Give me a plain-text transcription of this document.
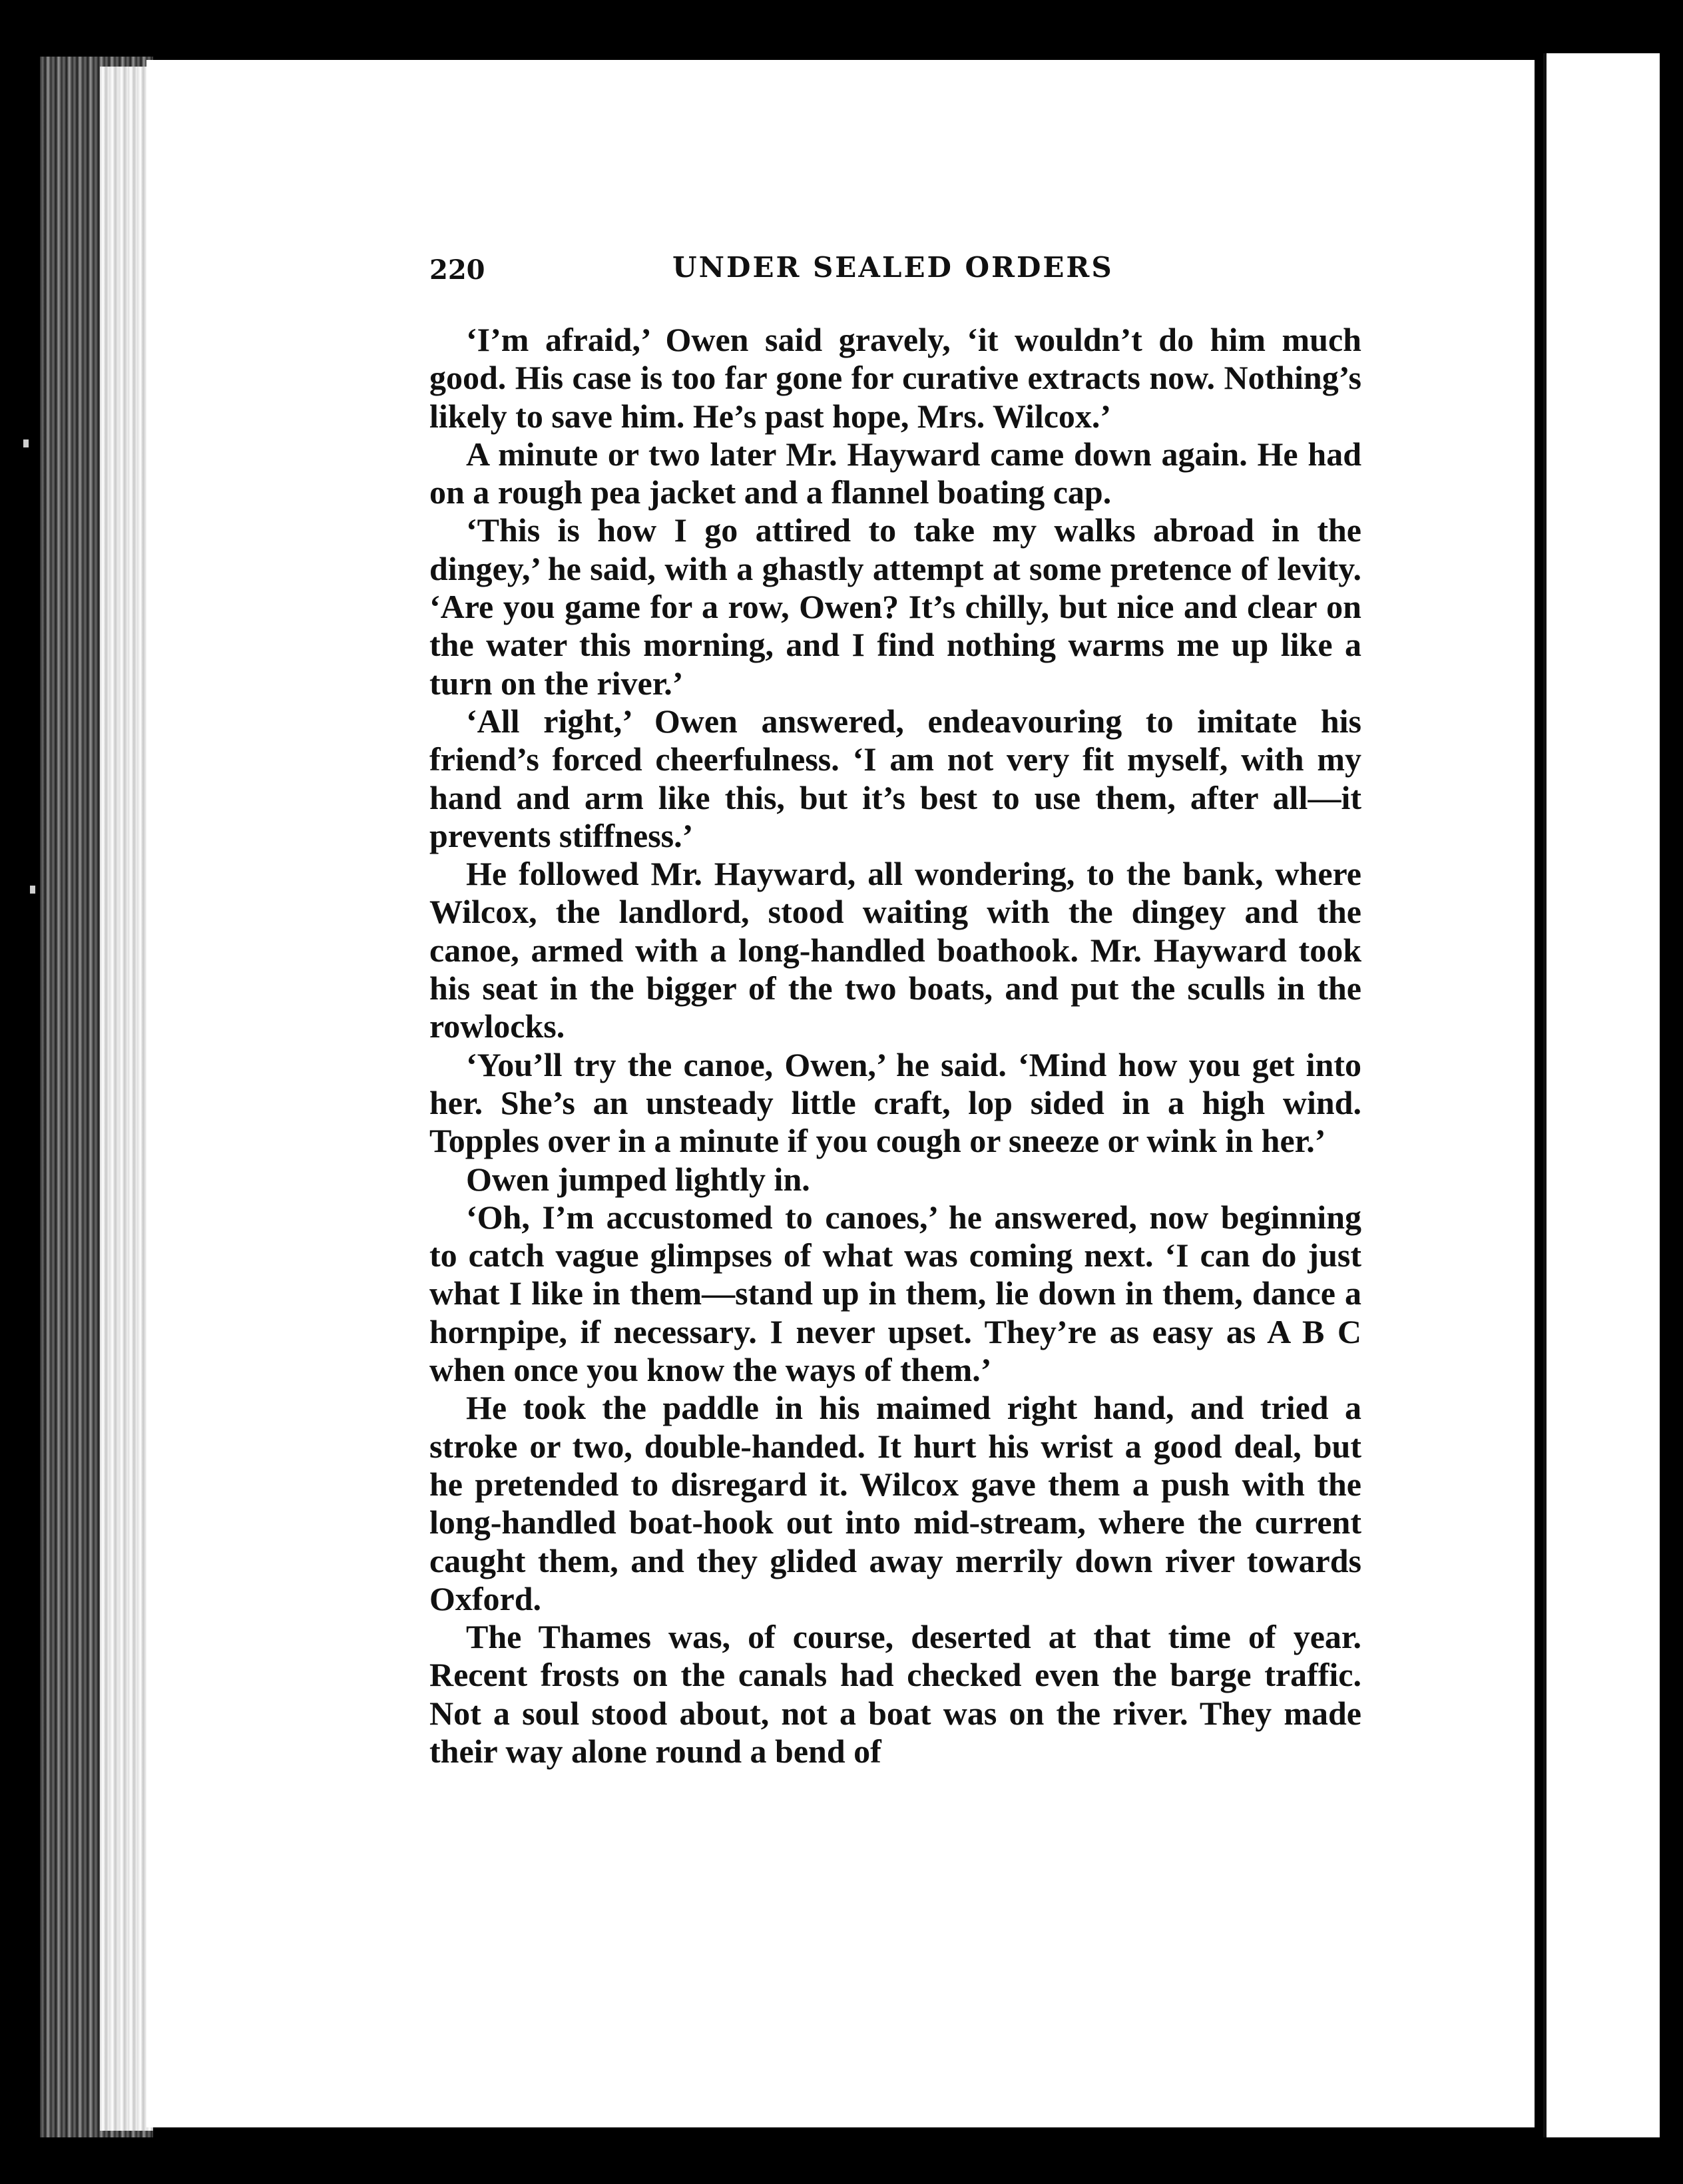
220	UNDER SEALED ORDERS

‘I’m afraid,’ Owen said gravely, ‘it wouldn’t do him much good. His case is too far gone for curative extracts now. Nothing’s likely to save him. He’s past hope, Mrs. Wilcox.’

A minute or two later Mr. Hayward came down again. He had on a rough pea jacket and a flannel boating cap.

‘This is how I go attired to take my walks abroad in the dingey,’ he said, with a ghastly attempt at some pretence of levity. ‘Are you game for a row, Owen? It’s chilly, but nice and clear on the water this morning, and I find nothing warms me up like a turn on the river.’

‘All right,’ Owen answered, endeavouring to imitate his friend’s forced cheerfulness. ‘I am not very fit myself, with my hand and arm like this, but it’s best to use them, after all—it prevents stiffness.’

He followed Mr. Hayward, all wondering, to the bank, where Wilcox, the landlord, stood waiting with the dingey and the canoe, armed with a long-handled boathook. Mr. Hayward took his seat in the bigger of the two boats, and put the sculls in the rowlocks.

‘You’ll try the canoe, Owen,’ he said. ‘Mind how you get into her. She’s an unsteady little craft, lop sided in a high wind. Topples over in a minute if you cough or sneeze or wink in her.’

Owen jumped lightly in.

‘Oh, I’m accustomed to canoes,’ he answered, now beginning to catch vague glimpses of what was coming next. ‘I can do just what I like in them—stand up in them, lie down in them, dance a hornpipe, if necessary. I never upset. They’re as easy as A B C when once you know the ways of them.’

He took the paddle in his maimed right hand, and tried a stroke or two, double-handed. It hurt his wrist a good deal, but he pretended to disregard it. Wilcox gave them a push with the long-handled boat-hook out into mid-stream, where the current caught them, and they glided away merrily down river towards Oxford.

The Thames was, of course, deserted at that time of year. Recent frosts on the canals had checked even the barge traffic. Not a soul stood about, not a boat was on the river. They made their way alone round a bend of
